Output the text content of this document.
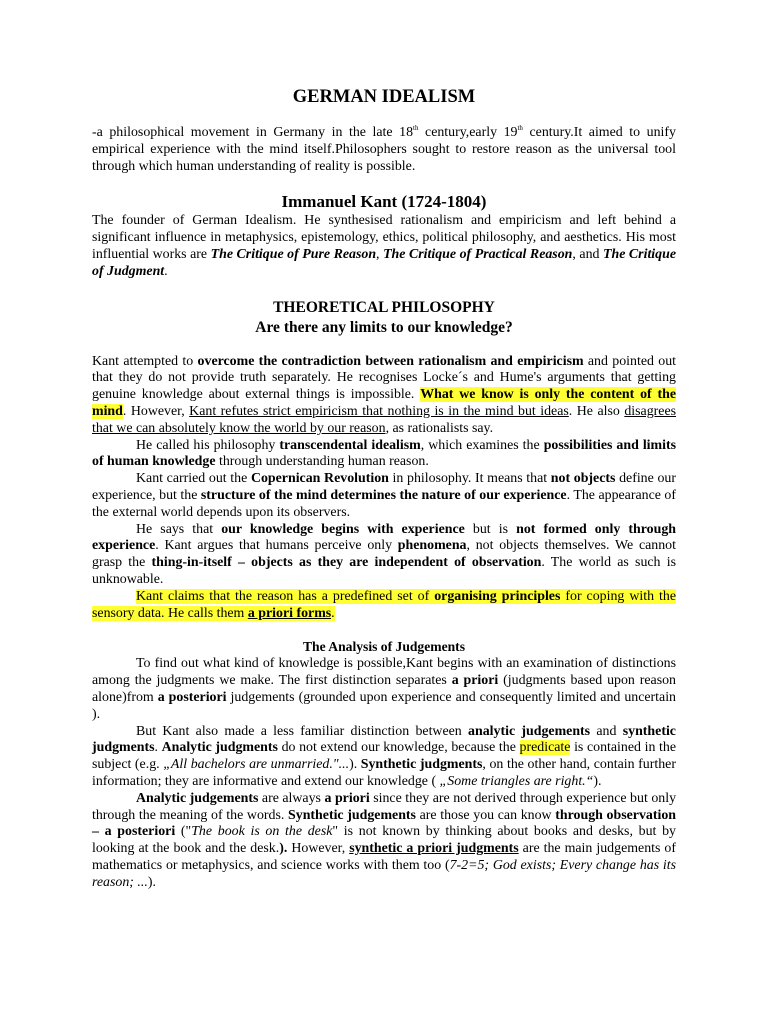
GERMAN IDEALISM

-a philosophical movement in Germany in the late 18th century,early 19th century.It aimed to unify empirical experience with the mind itself.Philosophers sought to restore reason as the universal tool through which human understanding of reality is possible.

Immanuel Kant (1724-1804)

The founder of German Idealism. He synthesised rationalism and empiricism and left behind a significant influence in metaphysics, epistemology, ethics, political philosophy, and aesthetics. His most influential works are The Critique of Pure Reason, The Critique of Practical Reason, and The Critique of Judgment.

THEORETICAL PHILOSOPHY
Are there any limits to our knowledge?

Kant attempted to overcome the contradiction between rationalism and empiricism and pointed out that they do not provide truth separately. He recognises Locke´s and Hume's arguments that getting genuine knowledge about external things is impossible. What we know is only the content of the mind. However, Kant refutes strict empiricism that nothing is in the mind but ideas. He also disagrees that we can absolutely know the world by our reason, as rationalists say.

He called his philosophy transcendental idealism, which examines the possibilities and limits of human knowledge through understanding human reason.

Kant carried out the Copernican Revolution in philosophy. It means that not objects define our experience, but the structure of the mind determines the nature of our experience. The appearance of the external world depends upon its observers.

He says that our knowledge begins with experience but is not formed only through experience. Kant argues that humans perceive only phenomena, not objects themselves. We cannot grasp the thing-in-itself – objects as they are independent of observation. The world as such is unknowable.

Kant claims that the reason has a predefined set of organising principles for coping with the sensory data. He calls them a priori forms.

The Analysis of Judgements

To find out what kind of knowledge is possible,Kant begins with an examination of distinctions among the judgments we make. The first distinction separates a priori (judgments based upon reason alone)from a posteriori judgements (grounded upon experience and consequently limited and uncertain ).

But Kant also made a less familiar distinction between analytic judgements and synthetic judgments. Analytic judgments do not extend our knowledge, because the predicate is contained in the subject (e.g. „All bachelors are unmarried."...). Synthetic judgments, on the other hand, contain further information; they are informative and extend our knowledge ( „Some triangles are right.“).

Analytic judgements are always a priori since they are not derived through experience but only through the meaning of the words. Synthetic judgements are those you can know through observation – a posteriori ("The book is on the desk" is not known by thinking about books and desks, but by looking at the book and the desk.). However, synthetic a priori judgments are the main judgements of mathematics or metaphysics, and science works with them too (7-2=5; God exists; Every change has its reason; ...).
